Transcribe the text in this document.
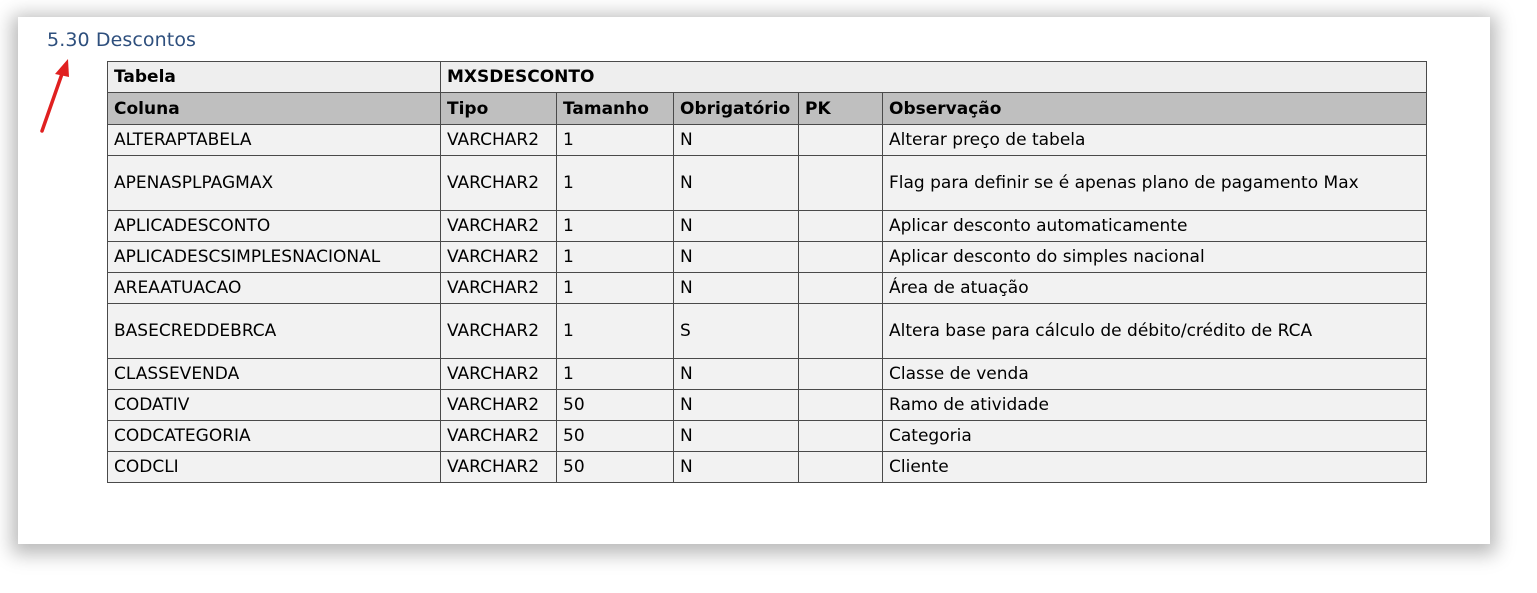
5.30 Descontos
Tabela	MXSDESCONTO				
Coluna	Tipo	Tamanho	Obrigatório	PK	Observação
ALTERAPTABELA	VARCHAR2	1	N		Alterar preço de tabela
APENASPLPAGMAX	VARCHAR2	1	N		Flag para definir se é apenas plano de pagamento Max
APLICADESCONTO	VARCHAR2	1	N		Aplicar desconto automaticamente
APLICADESCSIMPLESNACIONAL	VARCHAR2	1	N		Aplicar desconto do simples nacional
AREAATUACAO	VARCHAR2	1	N		Área de atuação
BASECREDDEBRCA	VARCHAR2	1	S		Altera base para cálculo de débito/crédito de RCA
CLASSEVENDA	VARCHAR2	1	N		Classe de venda
CODATIV	VARCHAR2	50	N		Ramo de atividade
CODCATEGORIA	VARCHAR2	50	N		Categoria
CODCLI	VARCHAR2	50	N		Cliente
